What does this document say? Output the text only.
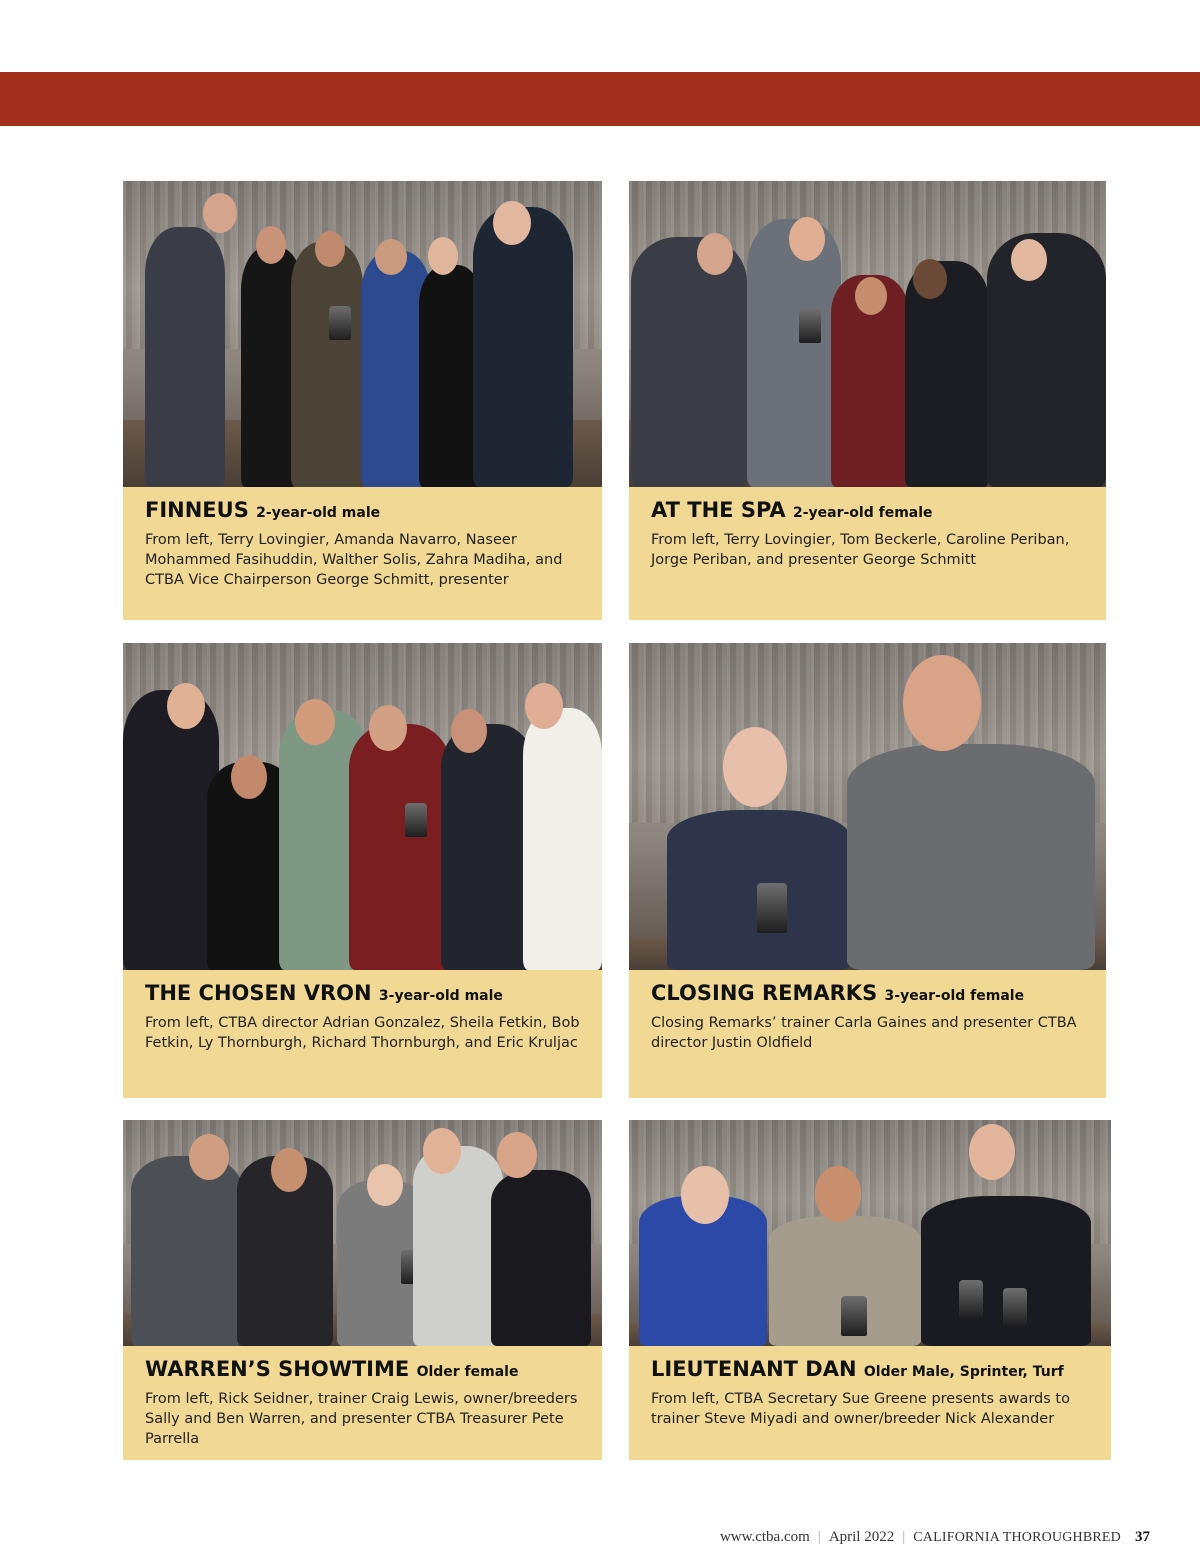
FINNEUS 2-year-old male
From left, Terry Lovingier, Amanda Navarro, Naseer Mohammed Fasihuddin, Walther Solis, Zahra Madiha, and CTBA Vice Chairperson George Schmitt, presenter
AT THE SPA 2-year-old female
From left, Terry Lovingier, Tom Beckerle, Caroline Periban, Jorge Periban, and presenter George Schmitt
THE CHOSEN VRON 3-year-old male
From left, CTBA director Adrian Gonzalez, Sheila Fetkin, Bob Fetkin, Ly Thornburgh, Richard Thornburgh, and Eric Kruljac
CLOSING REMARKS 3-year-old female
Closing Remarks’ trainer Carla Gaines and presenter CTBA director Justin Oldfield
WARREN’S SHOWTIME Older female
From left, Rick Seidner, trainer Craig Lewis, owner/breeders Sally and Ben Warren, and presenter CTBA Treasurer Pete Parrella
LIEUTENANT DAN Older Male, Sprinter, Turf
From left, CTBA Secretary Sue Greene presents awards to trainer Steve Miyadi and owner/breeder Nick Alexander
www.ctba.com | April 2022 | CALIFORNIA THOROUGHBRED 37
